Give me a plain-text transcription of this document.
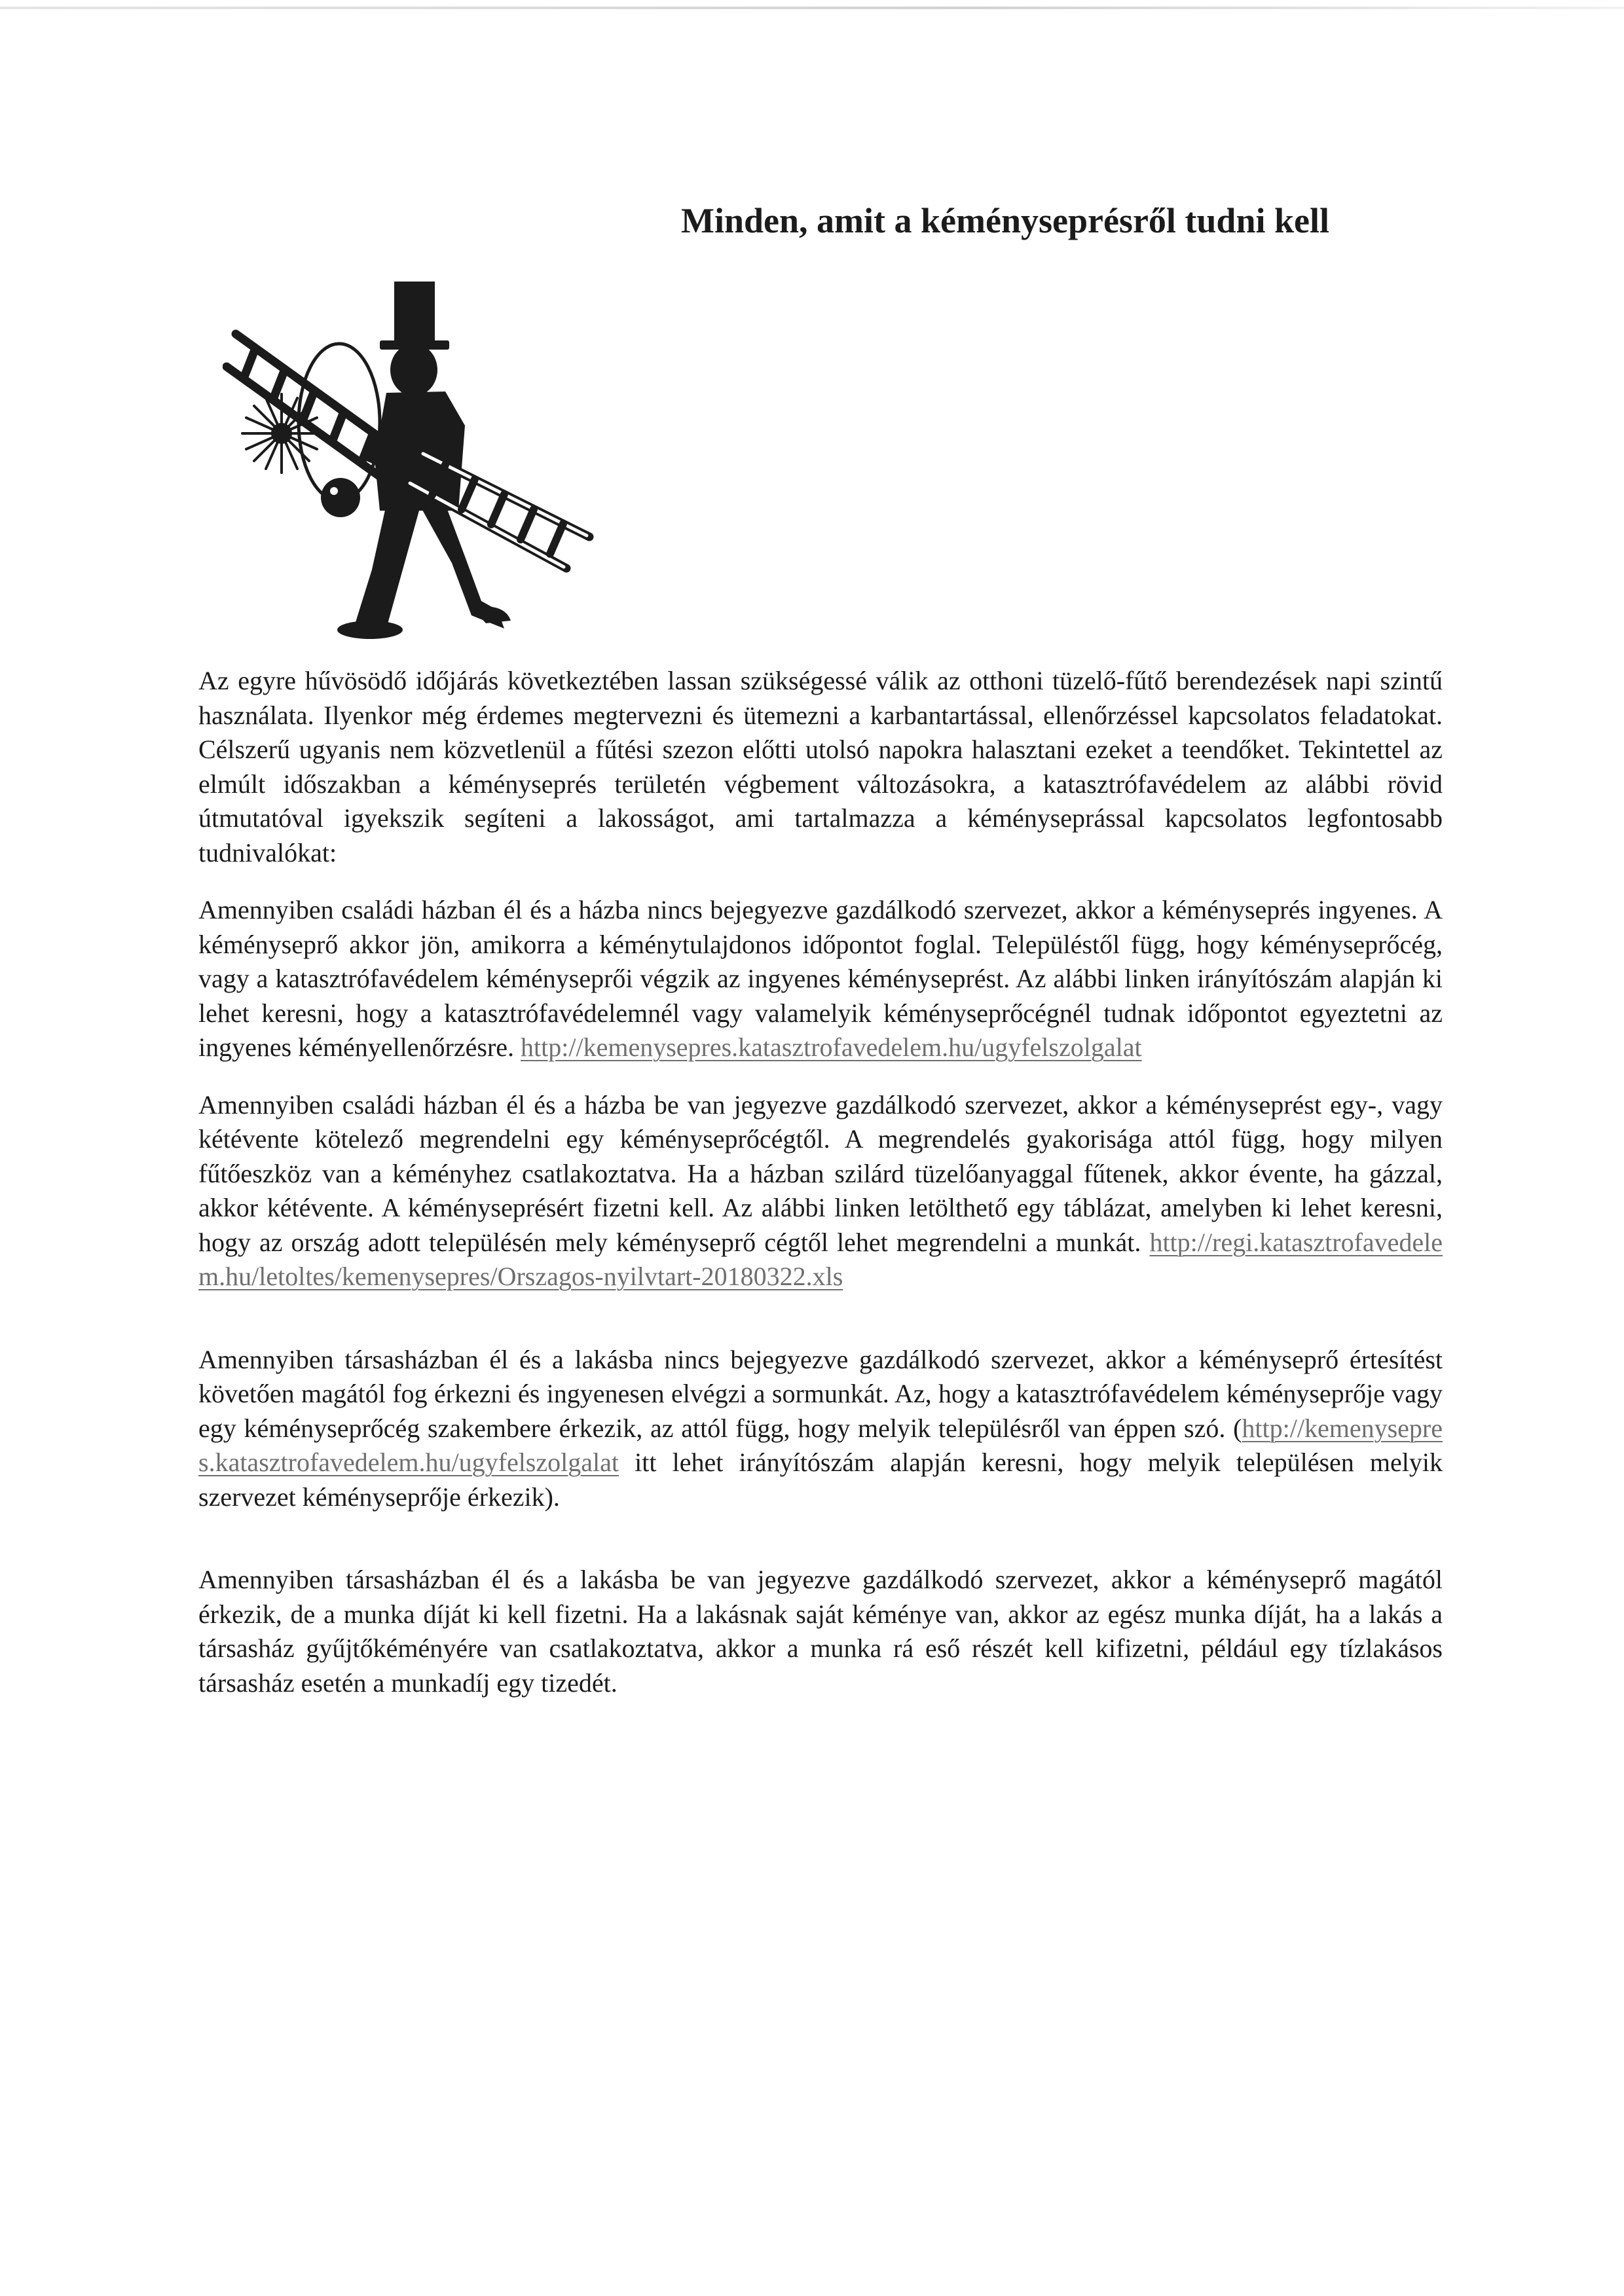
Minden, amit a kéményseprésről tudni kell

Az egyre hűvösödő időjárás következtében lassan szükségessé válik az otthoni tüzelő-fűtő berendezések napi szintű használata. Ilyenkor még érdemes megtervezni és ütemezni a karbantartással, ellenőrzéssel kapcsolatos feladatokat. Célszerű ugyanis nem közvetlenül a fűtési szezon előtti utolsó napokra halasztani ezeket a teendőket. Tekintettel az elmúlt időszakban a kéményseprés területén végbement változásokra, a katasztrófavédelem az alábbi rövid útmutatóval igyekszik segíteni a lakosságot, ami tartalmazza a kéményseprással kapcsolatos legfontosabb tudnivalókat:

Amennyiben családi házban él és a házba nincs bejegyezve gazdálkodó szervezet, akkor a kéményseprés ingyenes. A kéményseprő akkor jön, amikorra a kéménytulajdonos időpontot foglal. Településtől függ, hogy kéményseprőcég, vagy a katasztrófavédelem kéményseprői végzik az ingyenes kéményseprést. Az alábbi linken irányítószám alapján ki lehet keresni, hogy a katasztrófavédelemnél vagy valamelyik kéményseprőcégnél tudnak időpontot egyeztetni az ingyenes kéményellenőrzésre. http://kemenysepres.katasztrofavedelem.hu/ugyfelszolgalat

Amennyiben családi házban él és a házba be van jegyezve gazdálkodó szervezet, akkor a kéményseprést egy-, vagy kétévente kötelező megrendelni egy kéményseprőcégtől. A megrendelés gyakorisága attól függ, hogy milyen fűtőeszköz van a kéményhez csatlakoztatva. Ha a házban szilárd tüzelőanyaggal fűtenek, akkor évente, ha gázzal, akkor kétévente. A kéményseprésért fizetni kell. Az alábbi linken letölthető egy táblázat, amelyben ki lehet keresni, hogy az ország adott településén mely kéményseprő cégtől lehet megrendelni a munkát. http://regi.katasztrofavedelem.hu/letoltes/kemenysepres/Orszagos-nyilvtart-20180322.xls

Amennyiben társasházban él és a lakásba nincs bejegyezve gazdálkodó szervezet, akkor a kéményseprő értesítést követően magától fog érkezni és ingyenesen elvégzi a sormunkát. Az, hogy a katasztrófavédelem kéményseprője vagy egy kéményseprőcég szakembere érkezik, az attól függ, hogy melyik településről van éppen szó. (http://kemenysepres.katasztrofavedelem.hu/ugyfelszolgalat itt lehet irányítószám alapján keresni, hogy melyik településen melyik szervezet kéményseprője érkezik).

Amennyiben társasházban él és a lakásba be van jegyezve gazdálkodó szervezet, akkor a kéményseprő magától érkezik, de a munka díját ki kell fizetni. Ha a lakásnak saját kéménye van, akkor az egész munka díját, ha a lakás a társasház gyűjtőkéményére van csatlakoztatva, akkor a munka rá eső részét kell kifizetni, például egy tízlakásos társasház esetén a munkadíj egy tizedét.
